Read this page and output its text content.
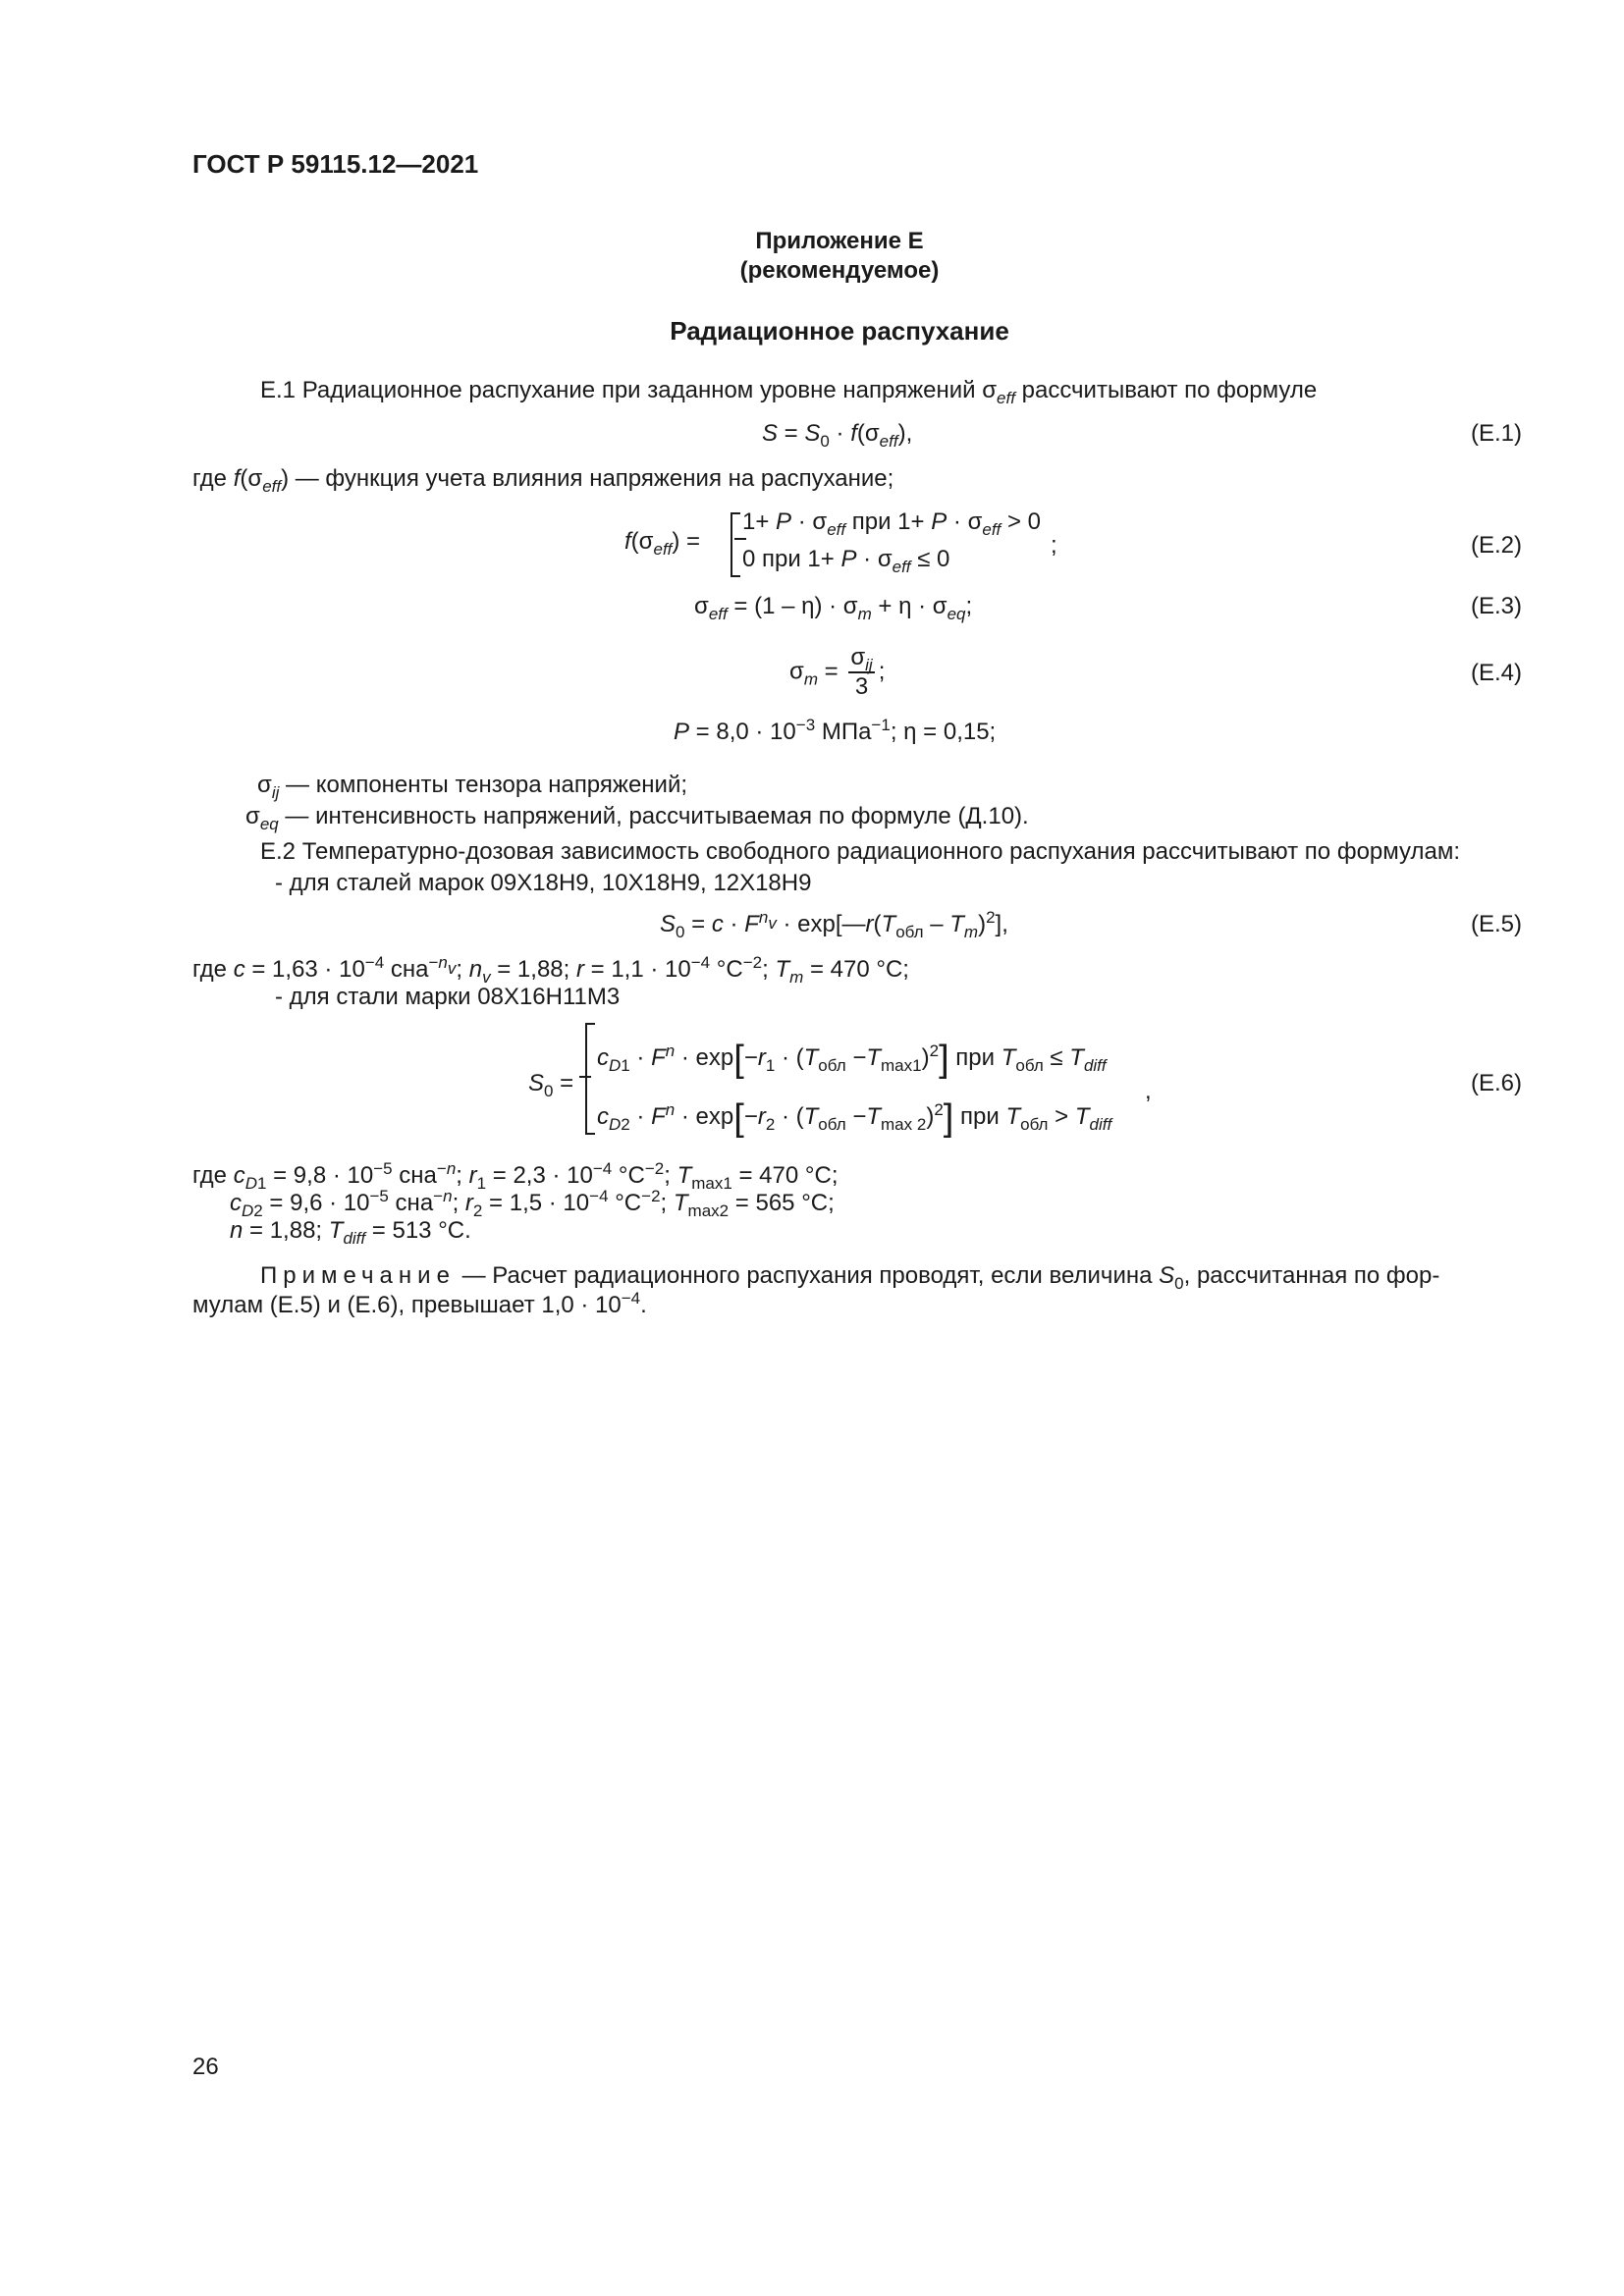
ГОСТ Р 59115.12—2021
Приложение Е
(рекомендуемое)
Радиационное распухание
Е.1 Радиационное распухание при заданном уровне напряжений $\sigma_{eff}$ рассчитывают по формуле
$S = S_0 \cdot f(\sigma_{eff})$,	(Е.1)
где $f(\sigma_{eff})$ — функция учета влияния напряжения на распухание;
$f(\sigma_{eff})$ =
$1+ P \cdot \sigma_{eff}$ при $1+ P \cdot \sigma_{eff} > 0$
0 при $1+ P \cdot \sigma_{eff} \le 0$
;	(Е.2)
$\sigma_{eff} = (1 - \eta) \cdot \sigma_m + \eta \cdot \sigma_{eq}$;	(Е.3)
$\sigma_m = \frac{\sigma_{ij}}{3}$ ;	(Е.4)
$P = 8,0 \cdot 10^{-3}$ МПа$^{-1}$; η = 0,15;
$\sigma_{ij}$ — компоненты тензора напряжений;
$\sigma_{eq}$ — интенсивность напряжений, рассчитываемая по формуле (Д.10).
Е.2 Температурно-дозовая зависимость свободного радиационного распухания рассчитывают по формулам:
- для сталей марок 09Х18Н9, 10Х18Н9, 12Х18Н9
$S_0 = c \cdot F^{n_v}$ · $\exp[—r(T_{обл} - T_m)^2]$,	(Е.5)
где $c = 1,63 \cdot 10^{-4}$ сна$^{-n_v}$; $n_v = 1,88$; $r = 1,1 \cdot 10^{-4}$ $^\circ С^{-2}$; $T_m = 470$ °С;
- для стали марки 08Х16Н11М3
$S_0$ =
$c_{D1} \cdot F^n \cdot \exp[-r_1 \cdot (T_{обл} -T_{max1})^2]$ при $T_{обл} \le T_{diff}$
$c_{D2} \cdot F^n \cdot \exp[-r_2 \cdot (T_{обл} -T_{max 2})^2]$ при $T_{обл} > T_{diff}$
,	(Е.6)
где $c_{D1} = 9,8 \cdot 10^{-5}$ сна$^{-n}$; $r_1 = 2,3 \cdot 10^{-4}$ $^\circ С^{-2}$; $T_{max1} = 470$ °С;
$c_{D2} = 9,6 \cdot 10^{-5}$ сна$^{-n}$; $r_2 = 1,5 \cdot 10^{-4}$ $^\circ С^{-2}$; $T_{max2} = 565$ °С;
n = 1,88; $T_{diff} = 513$ °С.
Примечание — Расчет радиационного распухания проводят, если величина $S_0$, рассчитанная по фор-
мулам (Е.5) и (Е.6), превышает $1,0 \cdot 10^{-4}$.
26
